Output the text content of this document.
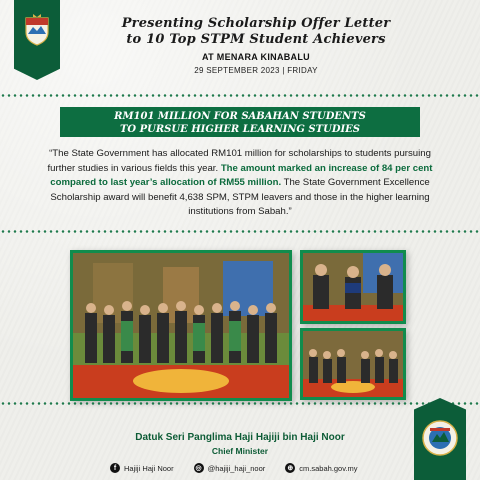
Presenting Scholarship Offer Letter
to 10 Top STPM Student Achievers
AT MENARA KINABALU
29 SEPTEMBER 2023 | FRIDAY
RM101 MILLION FOR SABAHAN STUDENTS
TO PURSUE HIGHER LEARNING STUDIES
“The State Government has allocated RM101 million for scholarships to students pursuing further studies in various fields this year. The amount marked an increase of 84 per cent compared to last year’s allocation of RM55 million. The State Government Excellence Scholarship award will benefit 4,638 SPM, STPM leavers and those in the higher learning institutions from Sabah.”
Datuk Seri Panglima Haji Hajiji bin Haji Noor
Chief Minister
f	Hajiji Haji Noor	◎ @hajiji_haji_noor	⊕ cm.sabah.gov.my
